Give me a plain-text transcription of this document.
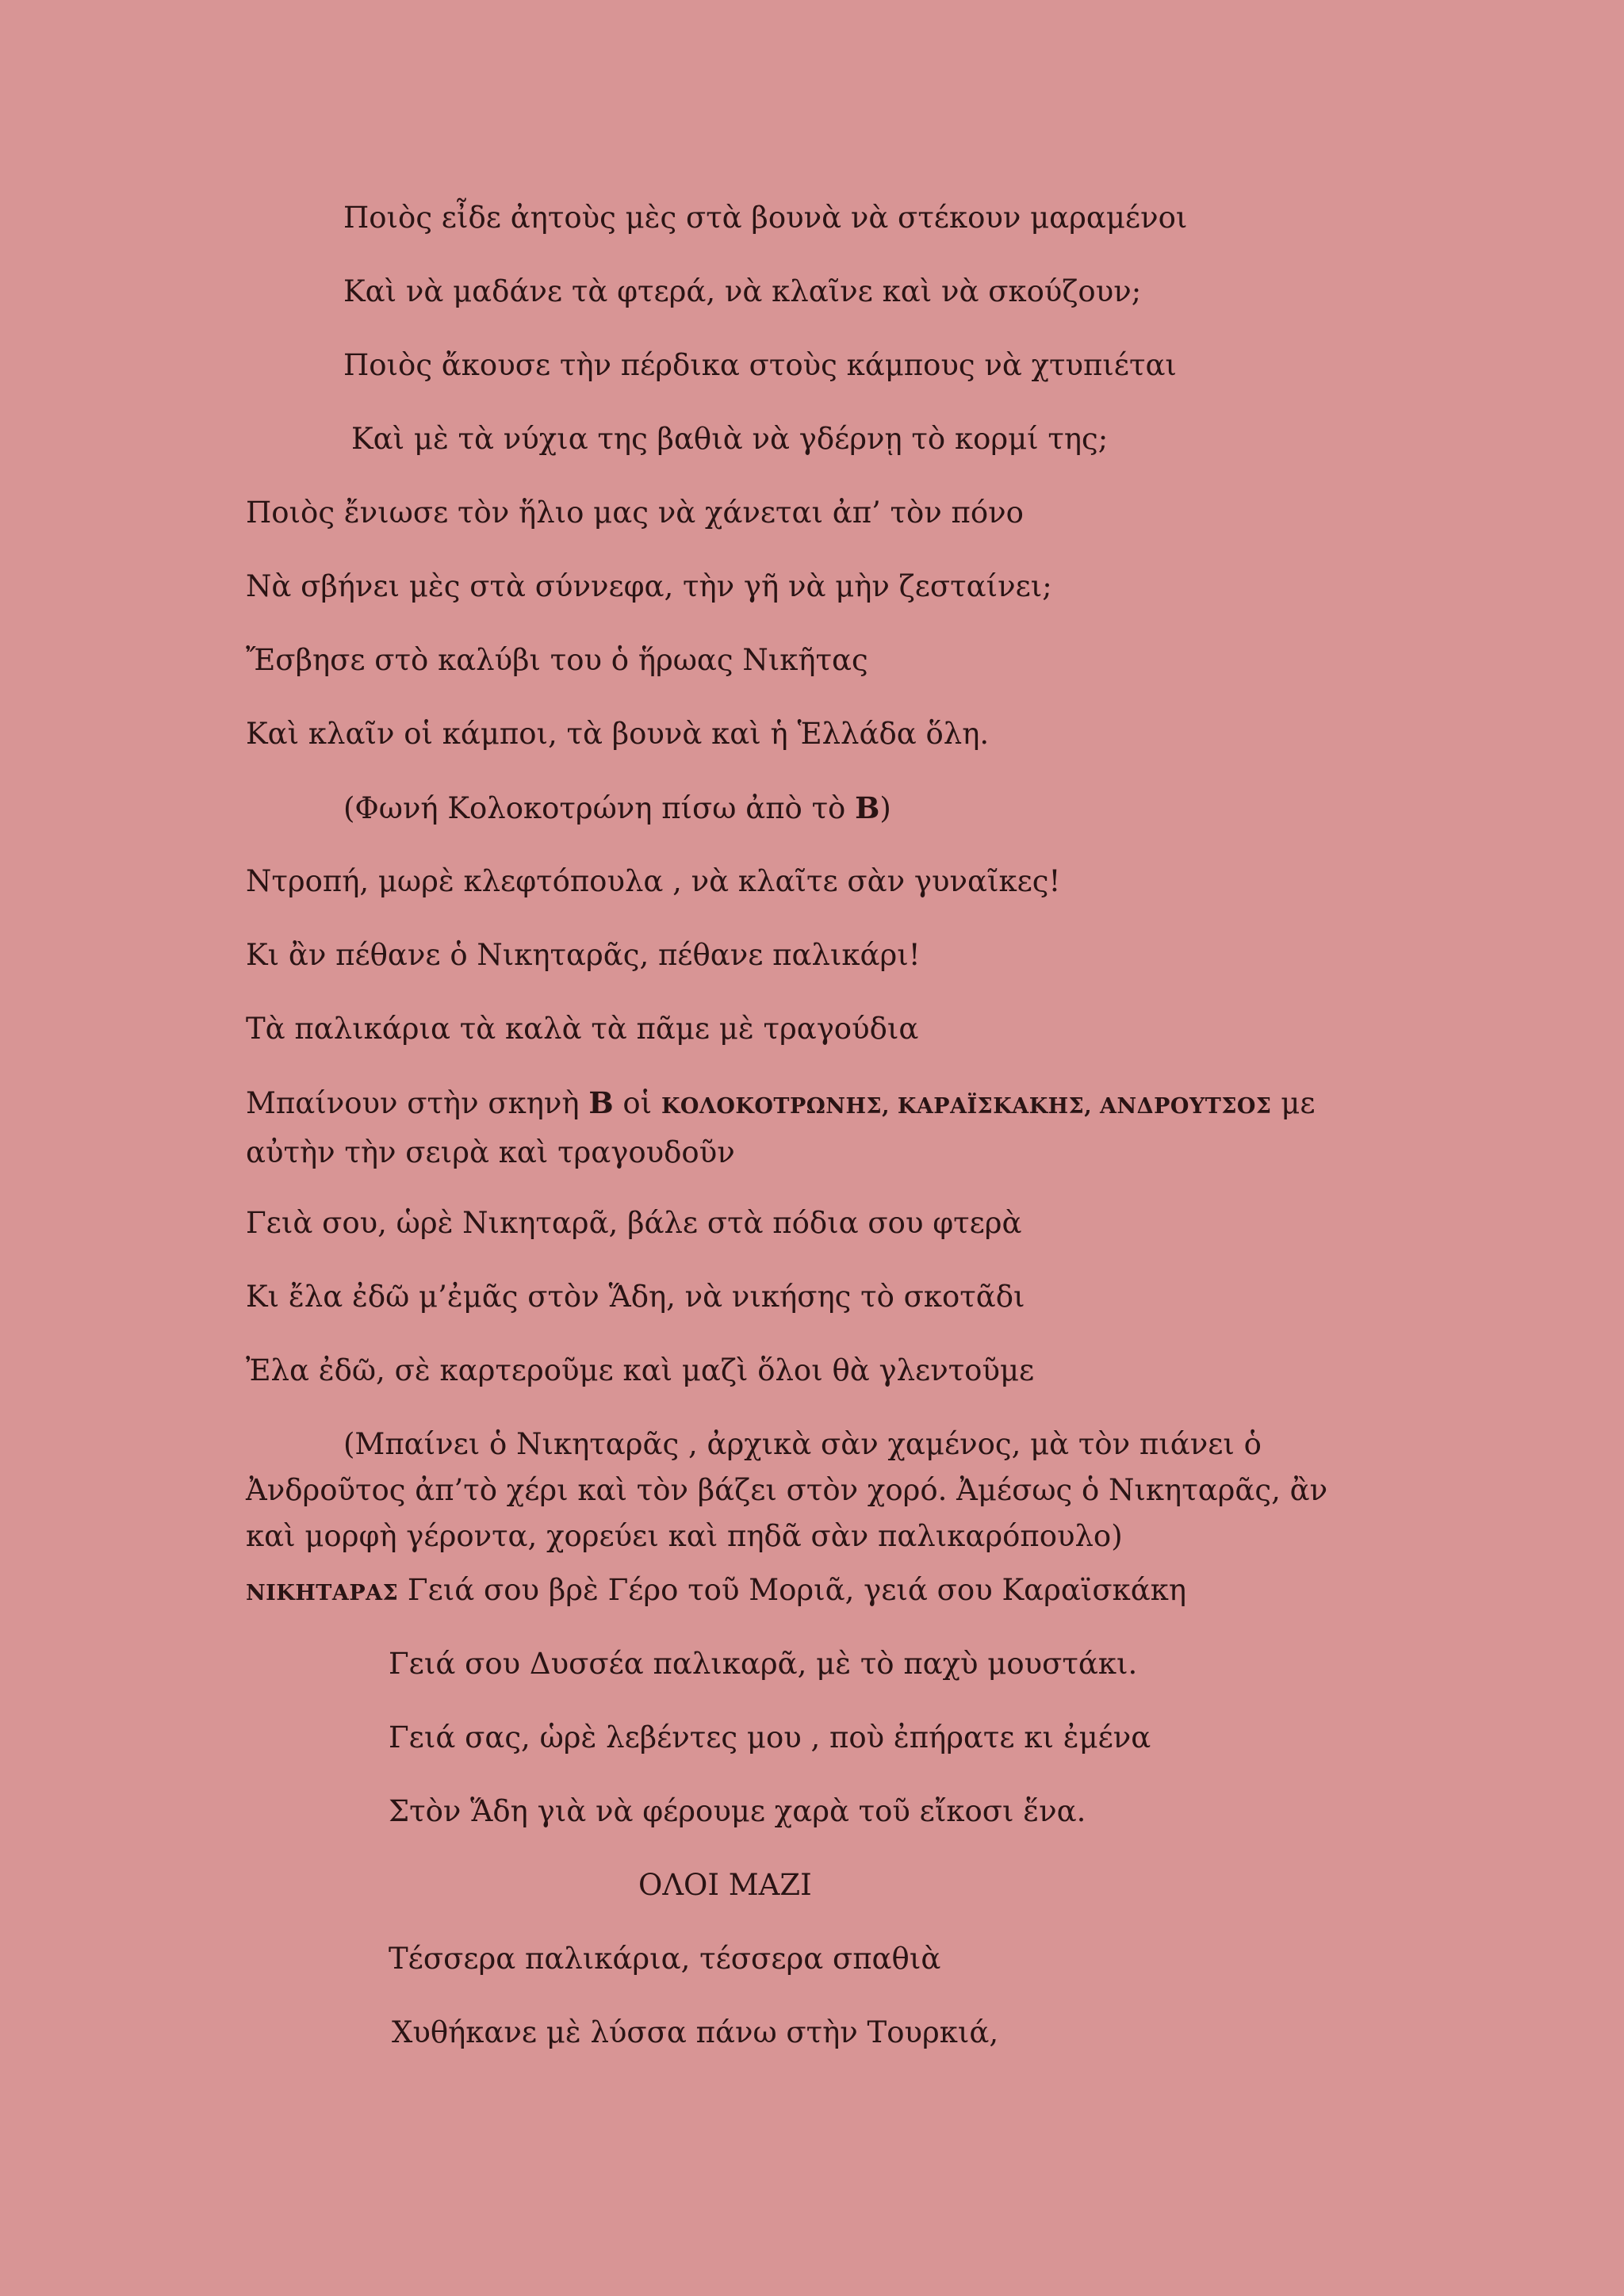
Ποιὸς εἶδε ἀητοὺς μὲς στὰ βουνὰ νὰ στέκουν μαραμένοι
Καὶ νὰ μαδάνε τὰ φτερά, νὰ κλαῖνε καὶ νὰ σκούζουν;
Ποιὸς ἄκουσε τὴν πέρδικα στοὺς κάμπους νὰ χτυπιέται
Καὶ μὲ τὰ νύχια της βαθιὰ νὰ γδέρνῃ τὸ κορμί της;
Ποιὸς ἔνιωσε τὸν ἥλιο μας νὰ χάνεται ἀπ’ τὸν πόνο
Νὰ σβήνει μὲς στὰ σύννεφα, τὴν γῆ νὰ μὴν ζεσταίνει;
Ἔσβησε στὸ καλύβι του ὁ ἥρωας Νικῆτας
Καὶ κλαῖν οἱ κάμποι, τὰ βουνὰ καὶ ἡ Ἑλλάδα ὅλη.
(Φωνή Κολοκοτρώνη πίσω ἀπὸ τὸ Β)
Ντροπή, μωρὲ κλεφτόπουλα , νὰ κλαῖτε σὰν γυναῖκες!
Κι ἂν πέθανε ὁ Νικηταρᾶς, πέθανε παλικάρι!
Τὰ παλικάρια τὰ καλὰ τὰ πᾶμε μὲ τραγούδια
Μπαίνουν στὴν σκηνὴ Β οἱ ΚΟΛΟΚΟΤΡΩΝΗΣ, ΚΑΡΑΪΣΚΑΚΗΣ, ΑΝΔΡΟΥΤΣΟΣ με αὐτὴν τὴν σειρὰ καὶ τραγουδοῦν
Γειὰ σου, ὡρὲ Νικηταρᾶ, βάλε στὰ πόδια σου φτερὰ
Κι ἔλα ἐδῶ μ’ἐμᾶς στὸν Ἅδη, νὰ νικήσης τὸ σκοτᾶδι
Ἐλα ἐδῶ, σὲ καρτεροῦμε καὶ μαζὶ ὅλοι θὰ γλεντοῦμε
(Μπαίνει ὁ Νικηταρᾶς , ἀρχικὰ σὰν χαμένος, μὰ τὸν πιάνει ὁ Ἀνδροῦτος ἀπ’τὸ χέρι καὶ τὸν βάζει στὸν χορό. Ἀμέσως ὁ Νικηταρᾶς, ἂν καὶ μορφὴ γέροντα, χορεύει καὶ πηδᾶ σὰν παλικαρόπουλο)
ΝΙΚΗΤΑΡΑΣ Γειά σου βρὲ Γέρο τοῦ Μοριᾶ, γειά σου Καραϊσκάκη
Γειά σου Δυσσέα παλικαρᾶ, μὲ τὸ παχὺ μουστάκι.
Γειά σας, ὡρὲ λεβέντες μου , ποὺ ἐπήρατε κι ἐμένα
Στὸν Ἅδη γιὰ νὰ φέρουμε χαρὰ τοῦ εἴκοσι ἕνα.
ΟΛΟΙ ΜΑΖΙ
Τέσσερα παλικάρια, τέσσερα σπαθιὰ
Χυθήκανε μὲ λύσσα πάνω στὴν Τουρκιά,
